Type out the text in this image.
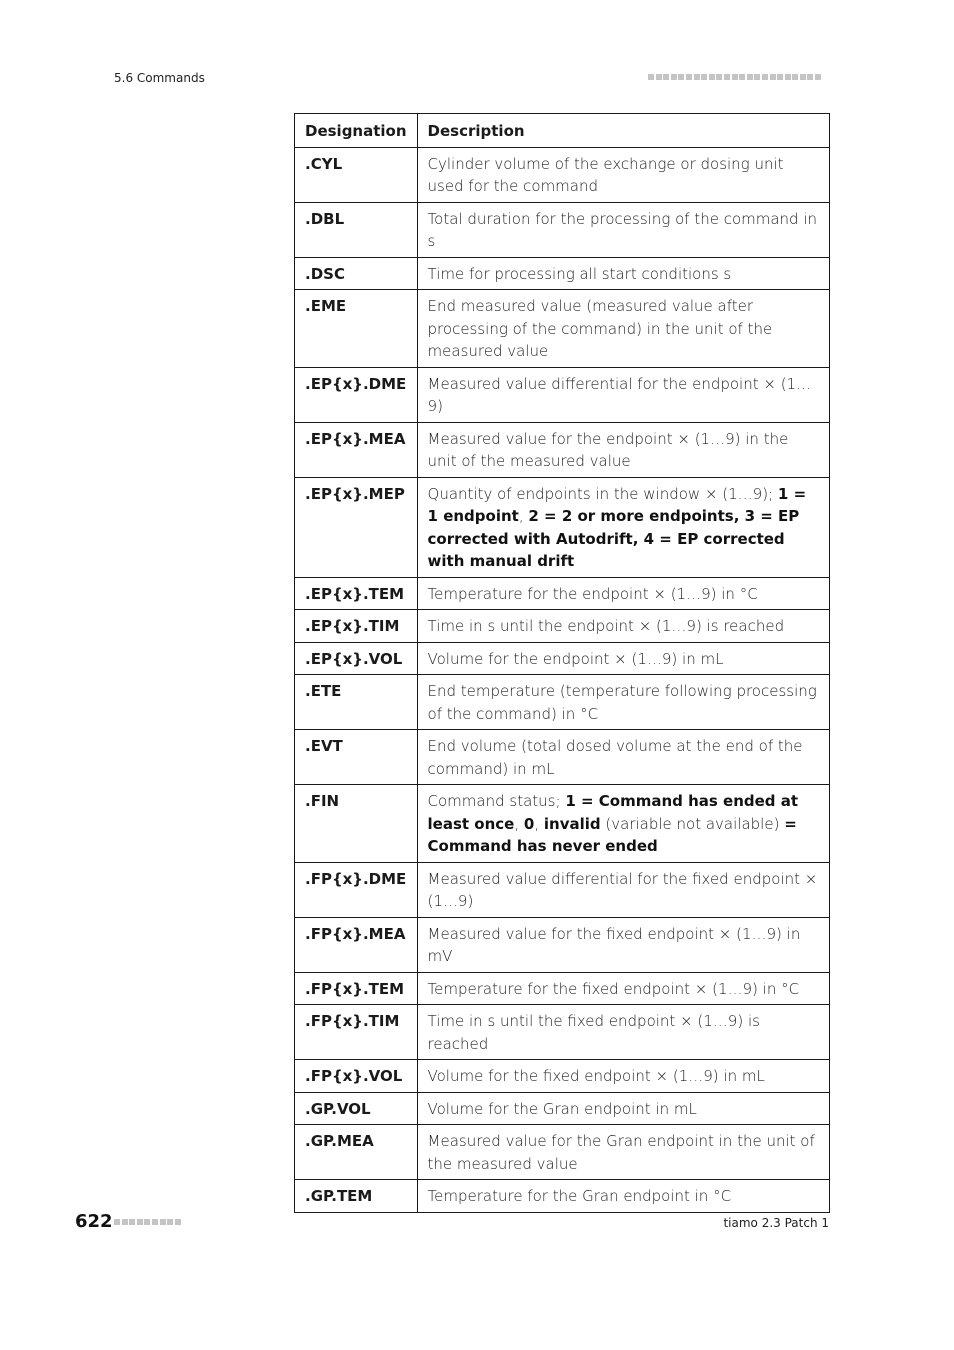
5.6 Commands
Designation	Description
.CYL	Cylinder volume of the exchange or dosing unit used for the command
.DBL	Total duration for the processing of the command in s
.DSC	Time for processing all start conditions s
.EME	End measured value (measured value after processing of the command) in the unit of the measured value
.EP{x}.DME	Measured value differential for the endpoint × (1…9)
.EP{x}.MEA	Measured value for the endpoint × (1…9) in the unit of the measured value
.EP{x}.MEP	Quantity of endpoints in the window × (1…9); 1 = 1 endpoint, 2 = 2 or more endpoints, 3 = EP corrected with Autodrift, 4 = EP corrected with manual drift
.EP{x}.TEM	Temperature for the endpoint × (1…9) in °C
.EP{x}.TIM	Time in s until the endpoint × (1…9) is reached
.EP{x}.VOL	Volume for the endpoint × (1…9) in mL
.ETE	End temperature (temperature following processing of the command) in °C
.EVT	End volume (total dosed volume at the end of the command) in mL
.FIN	Command status; 1 = Command has ended at least once, 0, invalid (variable not available) = Command has never ended
.FP{x}.DME	Measured value differential for the fixed endpoint × (1…9)
.FP{x}.MEA	Measured value for the fixed endpoint × (1…9) in mV
.FP{x}.TEM	Temperature for the fixed endpoint × (1…9) in °C
.FP{x}.TIM	Time in s until the fixed endpoint × (1…9) is reached
.FP{x}.VOL	Volume for the fixed endpoint × (1…9) in mL
.GP.VOL	Volume for the Gran endpoint in mL
.GP.MEA	Measured value for the Gran endpoint in the unit of the measured value
.GP.TEM	Temperature for the Gran endpoint in °C
622	tiamo 2.3 Patch 1
